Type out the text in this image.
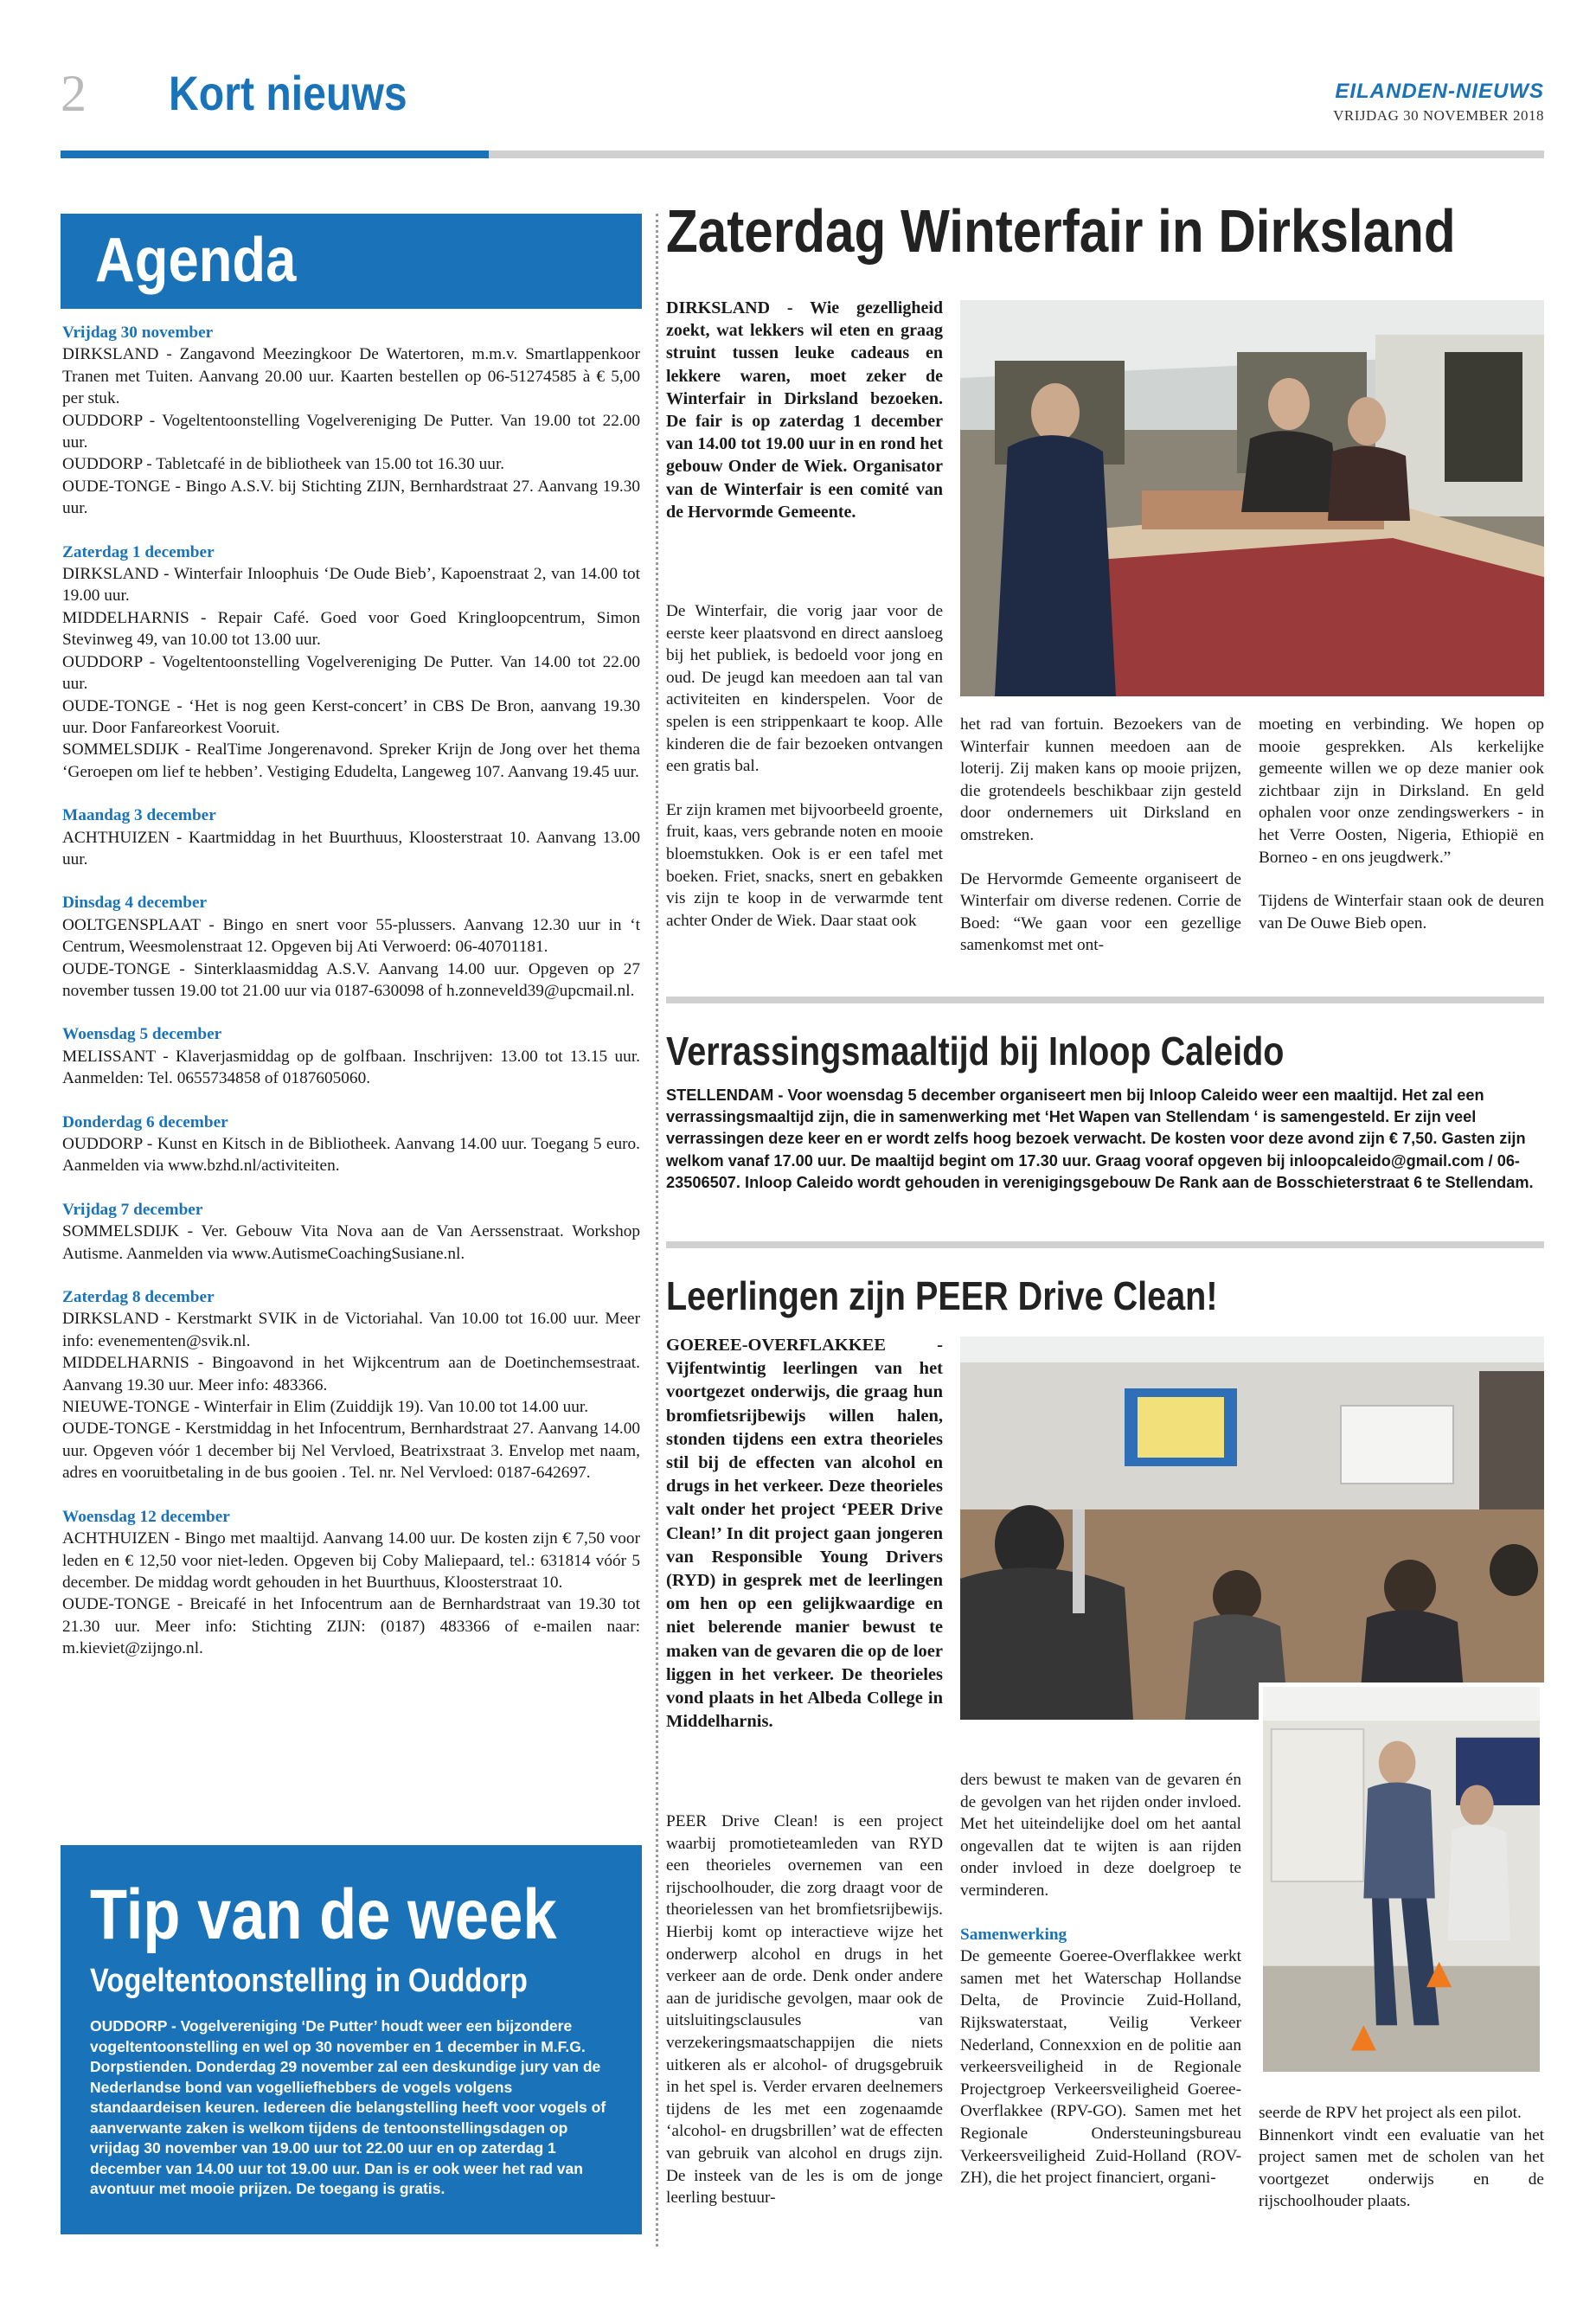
2 Kort nieuws	EILANDEN-NIEUWS
VRIJDAG 30 NOVEMBER 2018
Agenda
Vrijdag 30 november
DIRKSLAND - Zangavond Meezingkoor De Watertoren, m.m.v. Smartlappenkoor Tranen met Tuiten. Aanvang 20.00 uur. Kaarten bestellen op 06-51274585 à € 5,00 per stuk.
OUDDORP - Vogeltentoonstelling Vogelvereniging De Putter. Van 19.00 tot 22.00 uur.
OUDDORP - Tabletcafé in de bibliotheek van 15.00 tot 16.30 uur.
OUDE-TONGE - Bingo A.S.V. bij Stichting ZIJN, Bernhardstraat 27. Aanvang 19.30 uur.
Zaterdag 1 december
DIRKSLAND - Winterfair Inloophuis ‘De Oude Bieb’, Kapoenstraat 2, van 14.00 tot 19.00 uur.
MIDDELHARNIS - Repair Café. Goed voor Goed Kringloopcentrum, Simon Stevinweg 49, van 10.00 tot 13.00 uur.
OUDDORP - Vogeltentoonstelling Vogelvereniging De Putter. Van 14.00 tot 22.00 uur.
OUDE-TONGE - ‘Het is nog geen Kerst-concert’ in CBS De Bron, aanvang 19.30 uur. Door Fanfareorkest Vooruit.
SOMMELSDIJK - RealTime Jongerenavond. Spreker Krijn de Jong over het thema ‘Geroepen om lief te hebben’. Vestiging Edudelta, Langeweg 107. Aanvang 19.45 uur.
Maandag 3 december
ACHTHUIZEN - Kaartmiddag in het Buurthuus, Kloosterstraat 10. Aanvang 13.00 uur.
Dinsdag 4 december
OOLTGENSPLAAT - Bingo en snert voor 55-plussers. Aanvang 12.30 uur in ‘t Centrum, Weesmolenstraat 12. Opgeven bij Ati Verwoerd: 06-40701181.
OUDE-TONGE - Sinterklaasmiddag A.S.V. Aanvang 14.00 uur. Opgeven op 27 november tussen 19.00 tot 21.00 uur via 0187-630098 of h.zonneveld39@upcmail.nl.
Woensdag 5 december
MELISSANT - Klaverjasmiddag op de golfbaan. Inschrijven: 13.00 tot 13.15 uur. Aanmelden: Tel. 0655734858 of 0187605060.
Donderdag 6 december
OUDDORP - Kunst en Kitsch in de Bibliotheek. Aanvang 14.00 uur. Toegang 5 euro. Aanmelden via www.bzhd.nl/activiteiten.
Vrijdag 7 december
SOMMELSDIJK - Ver. Gebouw Vita Nova aan de Van Aerssenstraat. Workshop Autisme. Aanmelden via www.AutismeCoachingSusiane.nl.
Zaterdag 8 december
DIRKSLAND - Kerstmarkt SVIK in de Victoriahal. Van 10.00 tot 16.00 uur. Meer info: evenementen@svik.nl.
MIDDELHARNIS - Bingoavond in het Wijkcentrum aan de Doetinchemsestraat. Aanvang 19.30 uur. Meer info: 483366.
NIEUWE-TONGE - Winterfair in Elim (Zuiddijk 19). Van 10.00 tot 14.00 uur.
OUDE-TONGE - Kerstmiddag in het Infocentrum, Bernhardstraat 27. Aanvang 14.00 uur. Opgeven vóór 1 december bij Nel Vervloed, Beatrixstraat 3. Envelop met naam, adres en vooruitbetaling in de bus gooien . Tel. nr. Nel Vervloed: 0187-642697.
Woensdag 12 december
ACHTHUIZEN - Bingo met maaltijd. Aanvang 14.00 uur. De kosten zijn € 7,50 voor leden en € 12,50 voor niet-leden. Opgeven bij Coby Maliepaard, tel.: 631814 vóór 5 december. De middag wordt gehouden in het Buurthuus, Kloosterstraat 10.
OUDE-TONGE - Breicafé in het Infocentrum aan de Bernhardstraat van 19.30 tot 21.30 uur. Meer info: Stichting ZIJN: (0187) 483366 of e-mailen naar: m.kieviet@zijngo.nl.
Tip van de week
Vogeltentoonstelling in Ouddorp
OUDDORP - Vogelvereniging ‘De Putter’ houdt weer een bijzondere vogeltentoonstelling en wel op 30 november en 1 december in M.F.G. Dorpstienden. Donderdag 29 november zal een deskundige jury van de Nederlandse bond van vogelliefhebbers de vogels volgens standaardeisen keuren. Iedereen die belangstelling heeft voor vogels of aanverwante zaken is welkom tijdens de tentoonstellingsdagen op vrijdag 30 november van 19.00 uur tot 22.00 uur en op zaterdag 1 december van 14.00 uur tot 19.00 uur. Dan is er ook weer het rad van avontuur met mooie prijzen. De toegang is gratis.
Zaterdag Winterfair in Dirksland
DIRKSLAND - Wie gezelligheid zoekt, wat lekkers wil eten en graag struint tussen leuke cadeaus en lekkere waren, moet zeker de Winterfair in Dirksland bezoeken. De fair is op zaterdag 1 december van 14.00 tot 19.00 uur in en rond het gebouw Onder de Wiek. Organisator van de Winterfair is een comité van de Hervormde Gemeente.

De Winterfair, die vorig jaar voor de eerste keer plaatsvond en direct aansloeg bij het publiek, is bedoeld voor jong en oud. De jeugd kan meedoen aan tal van activiteiten en kinderspelen. Voor de spelen is een strippenkaart te koop. Alle kinderen die de fair bezoeken ontvangen een gratis bal.

Er zijn kramen met bijvoorbeeld groente, fruit, kaas, vers gebrande noten en mooie bloemstukken. Ook is er een tafel met boeken. Friet, snacks, snert en gebakken vis zijn te koop in de verwarmde tent achter Onder de Wiek. Daar staat ook

het rad van fortuin. Bezoekers van de Winterfair kunnen meedoen aan de loterij. Zij maken kans op mooie prijzen, die grotendeels beschikbaar zijn gesteld door ondernemers uit Dirksland en omstreken.

De Hervormde Gemeente organiseert de Winterfair om diverse redenen. Corrie de Boed: “We gaan voor een gezellige samenkomst met ont-

moeting en verbinding. We hopen op mooie gesprekken. Als kerkelijke gemeente willen we op deze manier ook zichtbaar zijn in Dirksland. En geld ophalen voor onze zendingswerkers - in het Verre Oosten, Nigeria, Ethiopië en Borneo - en ons jeugdwerk.”

Tijdens de Winterfair staan ook de deuren van De Ouwe Bieb open.

Verrassingsmaaltijd bij Inloop Caleido
STELLENDAM - Voor woensdag 5 december organiseert men bij Inloop Caleido weer een maaltijd. Het zal een verrassingsmaaltijd zijn, die in samenwerking met ‘Het Wapen van Stellendam ‘ is samengesteld. Er zijn veel verrassingen deze keer en er wordt zelfs hoog bezoek verwacht. De kosten voor deze avond zijn € 7,50. Gasten zijn welkom vanaf 17.00 uur. De maaltijd begint om 17.30 uur. Graag vooraf opgeven bij inloopcaleido@gmail.com / 06-23506507. Inloop Caleido wordt gehouden in verenigingsgebouw De Rank aan de Bosschieterstraat 6 te Stellendam.
Leerlingen zijn PEER Drive Clean!
GOEREE-OVERFLAKKEE - Vijfentwintig leerlingen van het voortgezet onderwijs, die graag hun bromfietsrijbewijs willen halen, stonden tijdens een extra theorieles stil bij de effecten van alcohol en drugs in het verkeer. Deze theorieles valt onder het project ‘PEER Drive Clean!’ In dit project gaan jongeren van Responsible Young Drivers (RYD) in gesprek met de leerlingen om hen op een gelijkwaardige en niet belerende manier bewust te maken van de gevaren die op de loer liggen in het verkeer. De theorieles vond plaats in het Albeda College in Middelharnis.

PEER Drive Clean! is een project waarbij promotieteamleden van RYD een theorieles overnemen van een rijschoolhouder, die zorg draagt voor de theorielessen van het bromfietsrijbewijs. Hierbij komt op interactieve wijze het onderwerp alcohol en drugs in het verkeer aan de orde. Denk onder andere aan de juridische gevolgen, maar ook de uitsluitingsclausules van verzekeringsmaatschappijen die niets uitkeren als er alcohol- of drugsgebruik in het spel is. Verder ervaren deelnemers tijdens de les met een zogenaamde ‘alcohol- en drugsbrillen’ wat de effecten van gebruik van alcohol en drugs zijn. De insteek van de les is om de jonge leerling bestuur-

ders bewust te maken van de gevaren én de gevolgen van het rijden onder invloed. Met het uiteindelijke doel om het aantal ongevallen dat te wijten is aan rijden onder invloed in deze doelgroep te verminderen.

Samenwerking

De gemeente Goeree-Overflakkee werkt samen met het Waterschap Hollandse Delta, de Provincie Zuid-Holland, Rijkswaterstaat, Veilig Verkeer Nederland, Connexxion en de politie aan verkeersveiligheid in de Regionale Projectgroep Verkeersveiligheid Goeree-Overflakkee (RPV-GO). Samen met het Regionale Ondersteuningsbureau Verkeersveiligheid Zuid-Holland (ROV-ZH), die het project financiert, organi-

seerde de RPV het project als een pilot.

Binnenkort vindt een evaluatie van het project samen met de scholen van het voortgezet onderwijs en de rijschoolhouder plaats.
